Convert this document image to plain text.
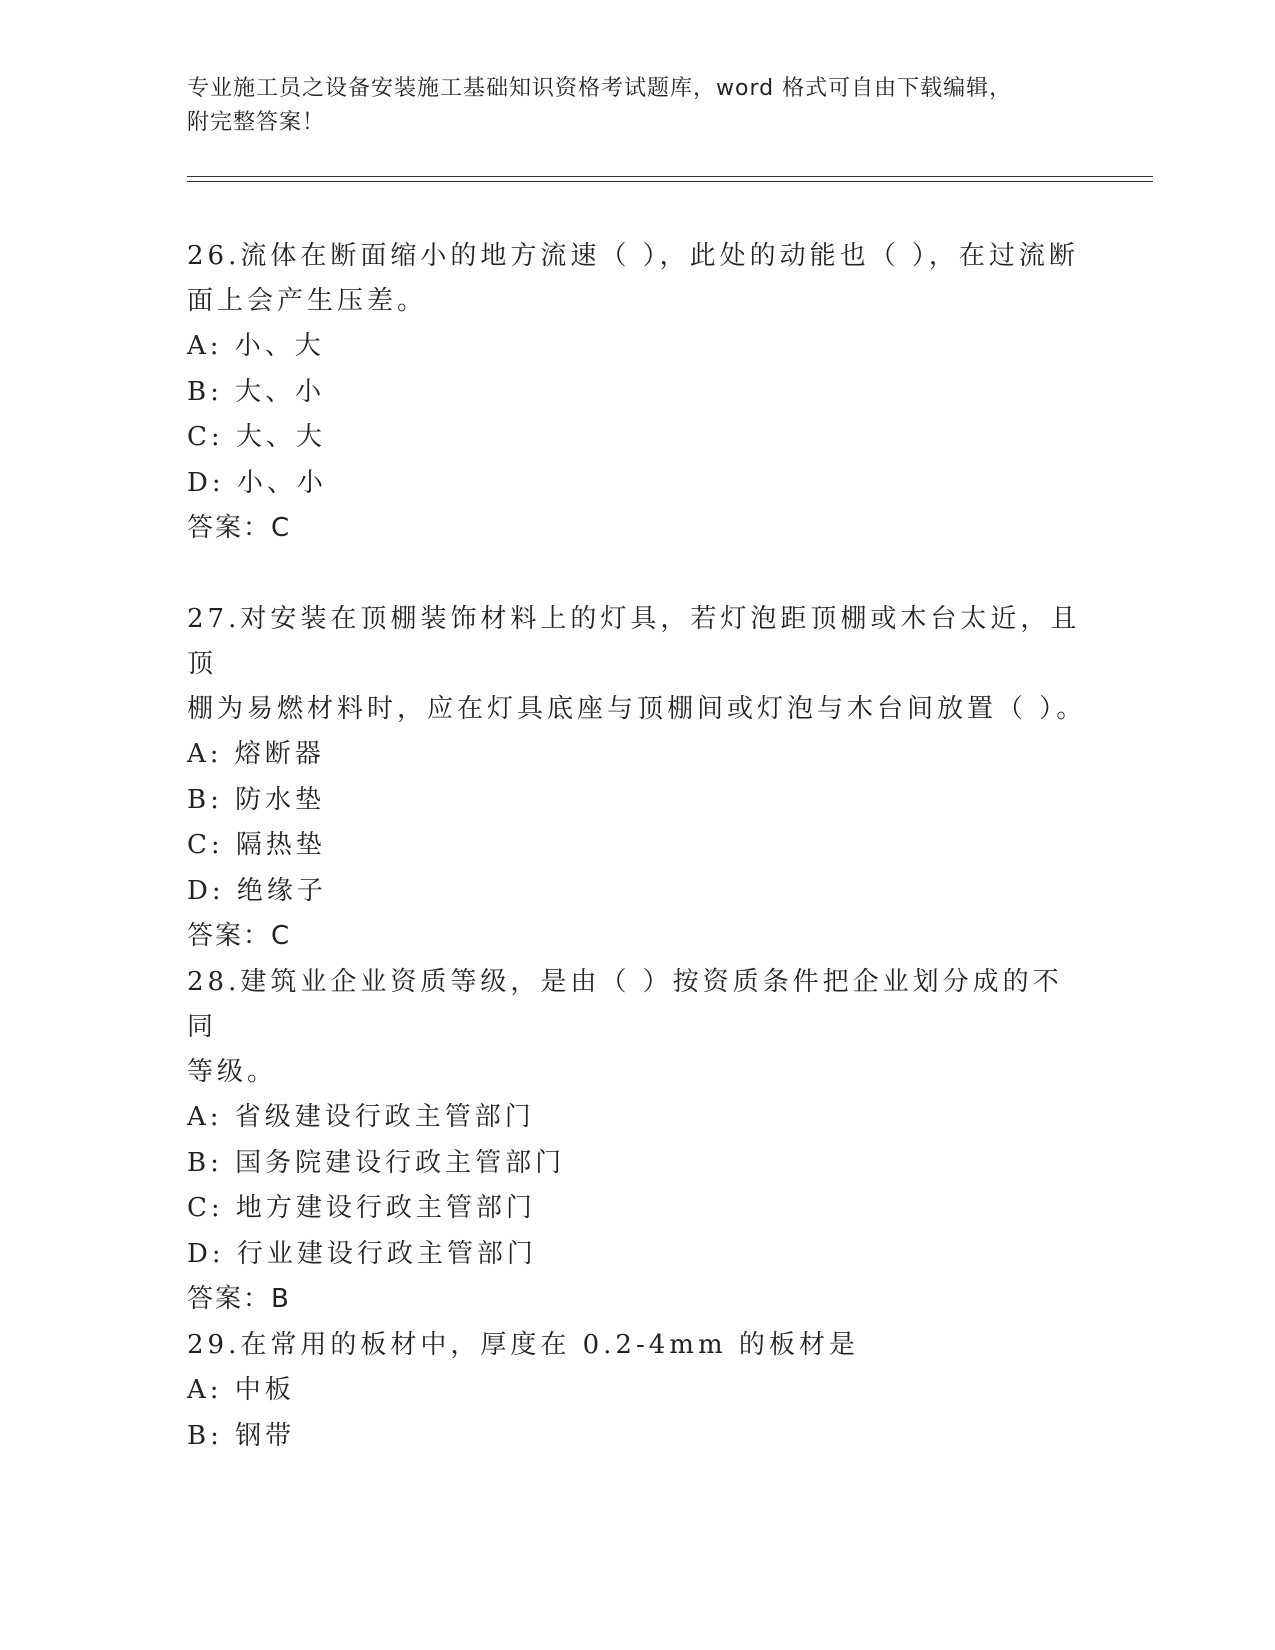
专业施工员之设备安装施工基础知识资格考试题库，word 格式可自由下载编辑，
附完整答案！

26.流体在断面缩小的地方流速（ ），此处的动能也（ ），在过流断

面上会产生压差。

A: 小、大

B: 大、小

C: 大、大

D: 小、小

答案：C

27.对安装在顶棚装饰材料上的灯具，若灯泡距顶棚或木台太近，且顶

棚为易燃材料时，应在灯具底座与顶棚间或灯泡与木台间放置（ ）。

A: 熔断器

B: 防水垫

C: 隔热垫

D: 绝缘子

答案：C

28.建筑业企业资质等级，是由（ ）按资质条件把企业划分成的不同

等级。

A: 省级建设行政主管部门

B: 国务院建设行政主管部门

C: 地方建设行政主管部门

D: 行业建设行政主管部门

答案：B

29.在常用的板材中，厚度在 0.2-4mm 的板材是

A: 中板

B: 钢带
